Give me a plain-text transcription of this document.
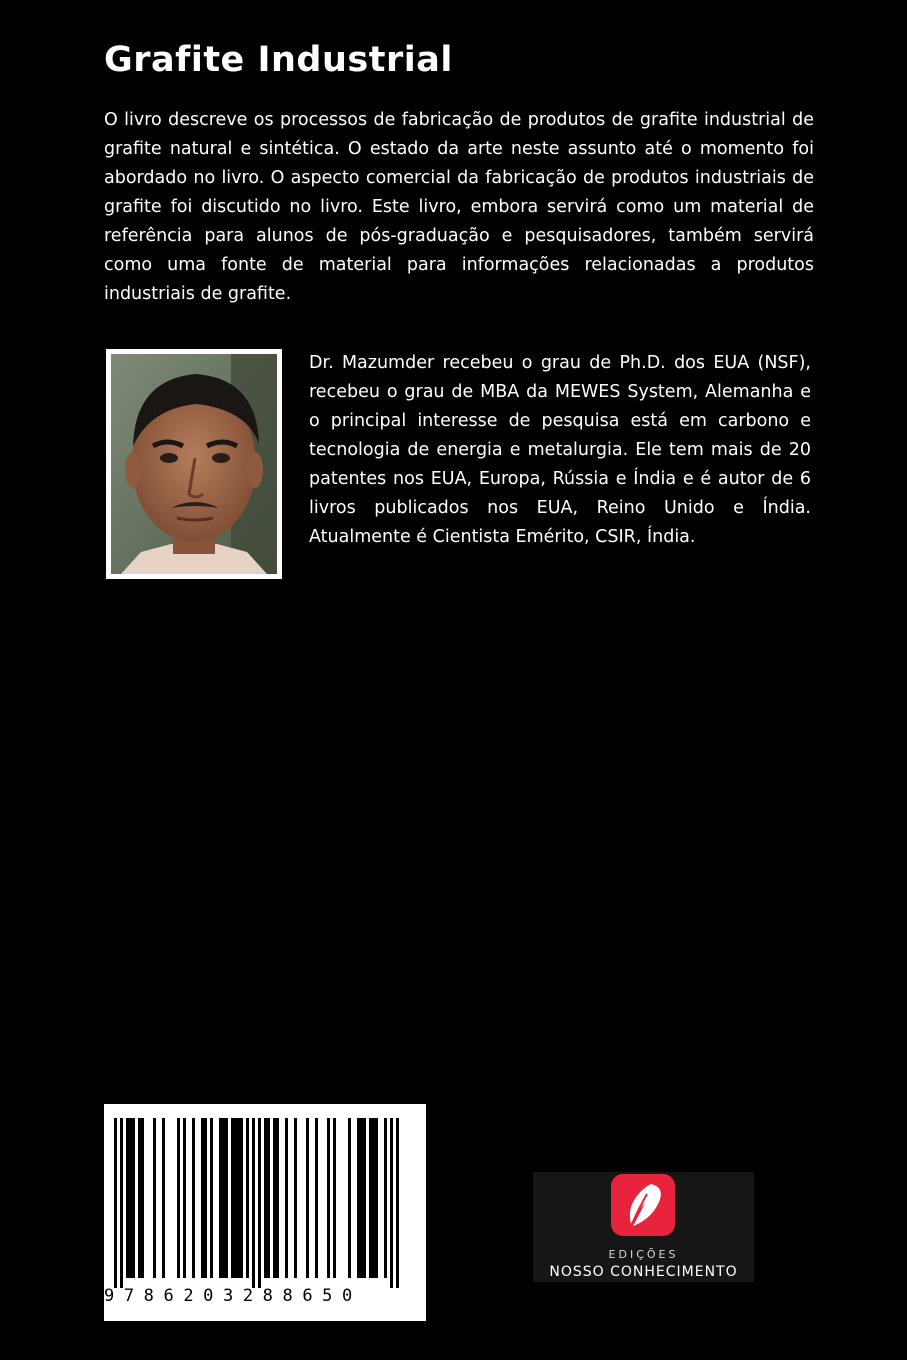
Grafite Industrial

O livro descreve os processos de fabricação de produtos de grafite industrial de grafite natural e sintética. O estado da arte neste assunto até o momento foi abordado no livro. O aspecto comercial da fabricação de produtos industriais de grafite foi discutido no livro. Este livro, embora servirá como um material de referência para alunos de pós-graduação e pesquisadores, também servirá como uma fonte de material para informações relacionadas a produtos industriais de grafite.

Dr. Mazumder recebeu o grau de Ph.D. dos EUA (NSF), recebeu o grau de MBA da MEWES System, Alemanha e o principal interesse de pesquisa está em carbono e tecnologia de energia e metalurgia. Ele tem mais de 20 patentes nos EUA, Europa, Rússia e Índia e é autor de 6 livros publicados nos EUA, Reino Unido e Índia. Atualmente é Cientista Emérito, CSIR, Índia.

9786203288650
EDIÇÕES
NOSSO CONHECIMENTO
